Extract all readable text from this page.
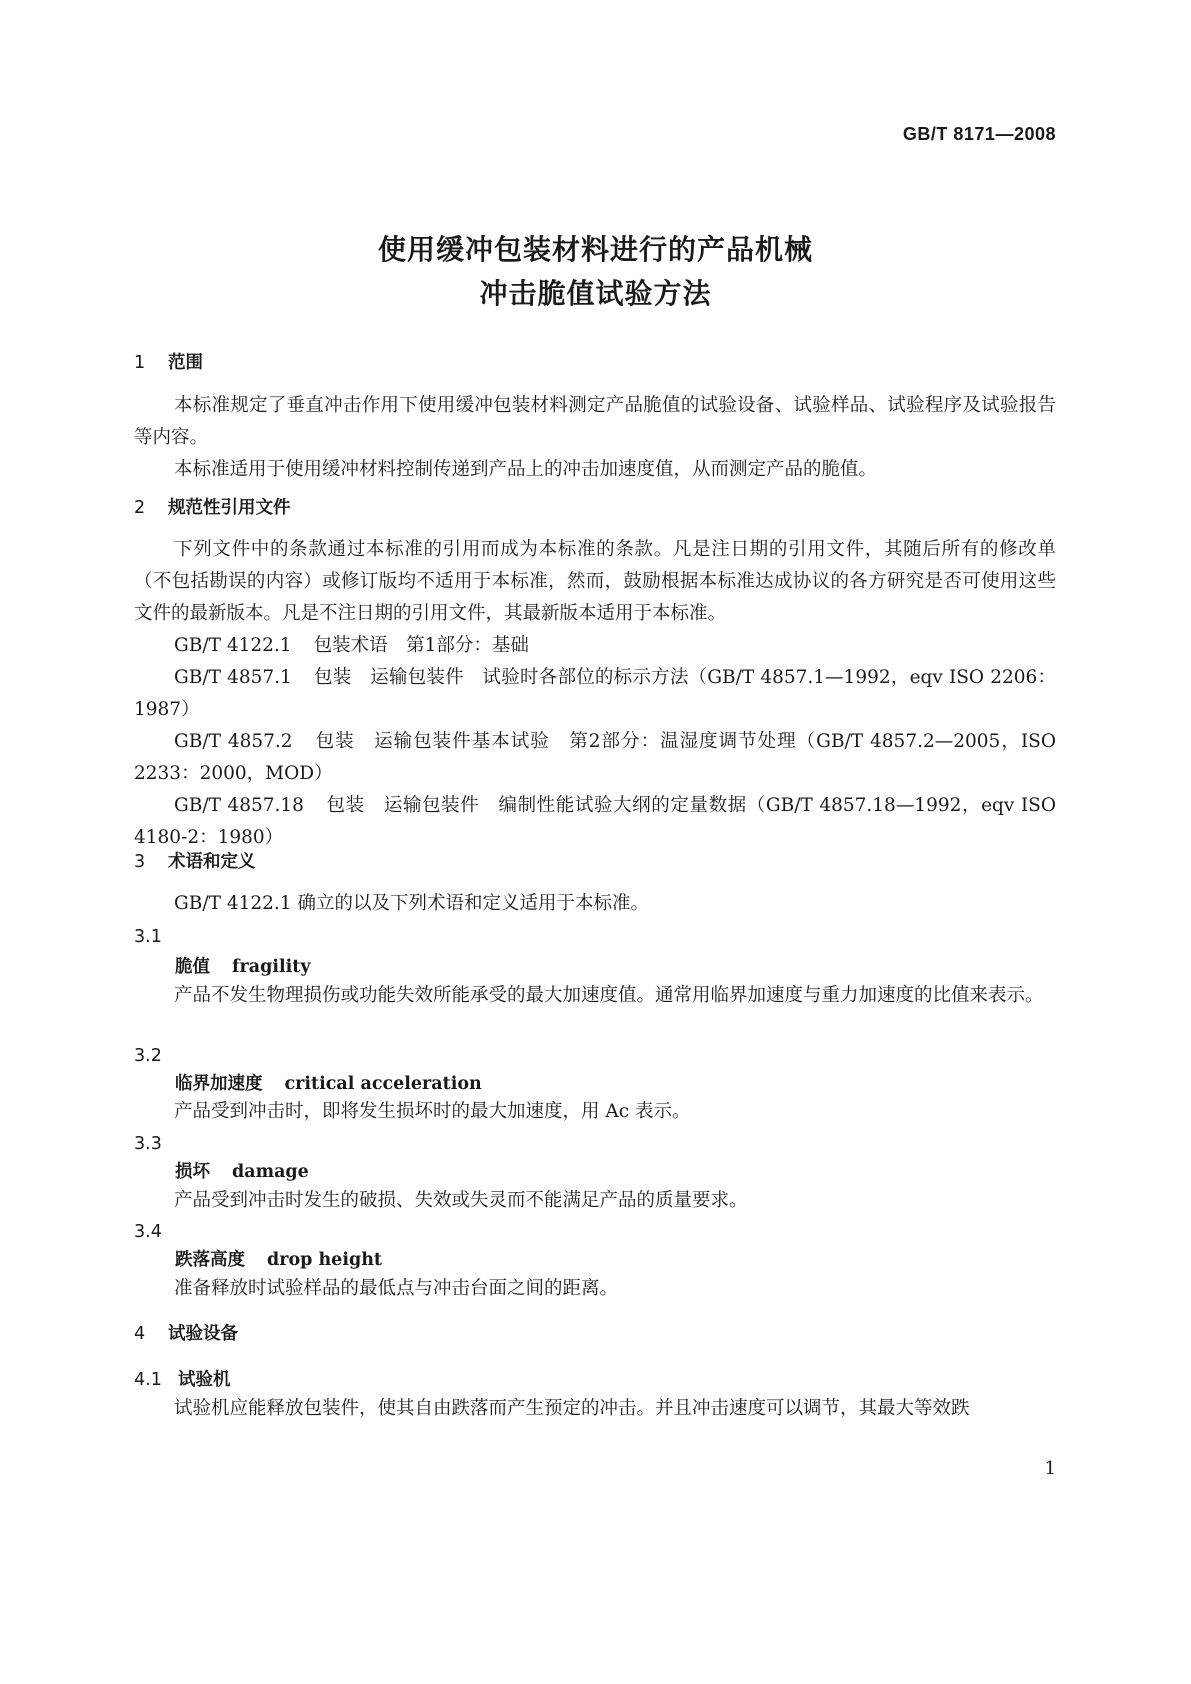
GB/T 8171—2008
使用缓冲包装材料进行的产品机械
冲击脆值试验方法
1 范围

本标准规定了垂直冲击作用下使用缓冲包装材料测定产品脆值的试验设备、试验样品、试验程序及试验报告等内容。

本标准适用于使用缓冲材料控制传递到产品上的冲击加速度值，从而测定产品的脆值。

2 规范性引用文件

下列文件中的条款通过本标准的引用而成为本标准的条款。凡是注日期的引用文件，其随后所有的修改单（不包括勘误的内容）或修订版均不适用于本标准，然而，鼓励根据本标准达成协议的各方研究是否可使用这些文件的最新版本。凡是不注日期的引用文件，其最新版本适用于本标准。

GB/T 4122.1 包装术语　第1部分：基础

GB/T 4857.1 包装　运输包装件　试验时各部位的标示方法（GB/T 4857.1—1992，eqv ISO 2206：1987）

GB/T 4857.2 包装　运输包装件基本试验　第2部分：温湿度调节处理（GB/T 4857.2—2005，ISO 2233：2000，MOD）

GB/T 4857.18 包装　运输包装件　编制性能试验大纲的定量数据（GB/T 4857.18—1992，eqv ISO 4180-2：1980）

3 术语和定义

GB/T 4122.1 确立的以及下列术语和定义适用于本标准。

3.1
脆值 fragility

产品不发生物理损伤或功能失效所能承受的最大加速度值。通常用临界加速度与重力加速度的比值来表示。

3.2
临界加速度 critical acceleration

产品受到冲击时，即将发生损坏时的最大加速度，用 Ac 表示。

3.3
损坏 damage

产品受到冲击时发生的破损、失效或失灵而不能满足产品的质量要求。

3.4
跌落高度 drop height

准备释放时试验样品的最低点与冲击台面之间的距离。

4 试验设备
4.1 试验机

试验机应能释放包装件，使其自由跌落而产生预定的冲击。并且冲击速度可以调节，其最大等效跌

1
